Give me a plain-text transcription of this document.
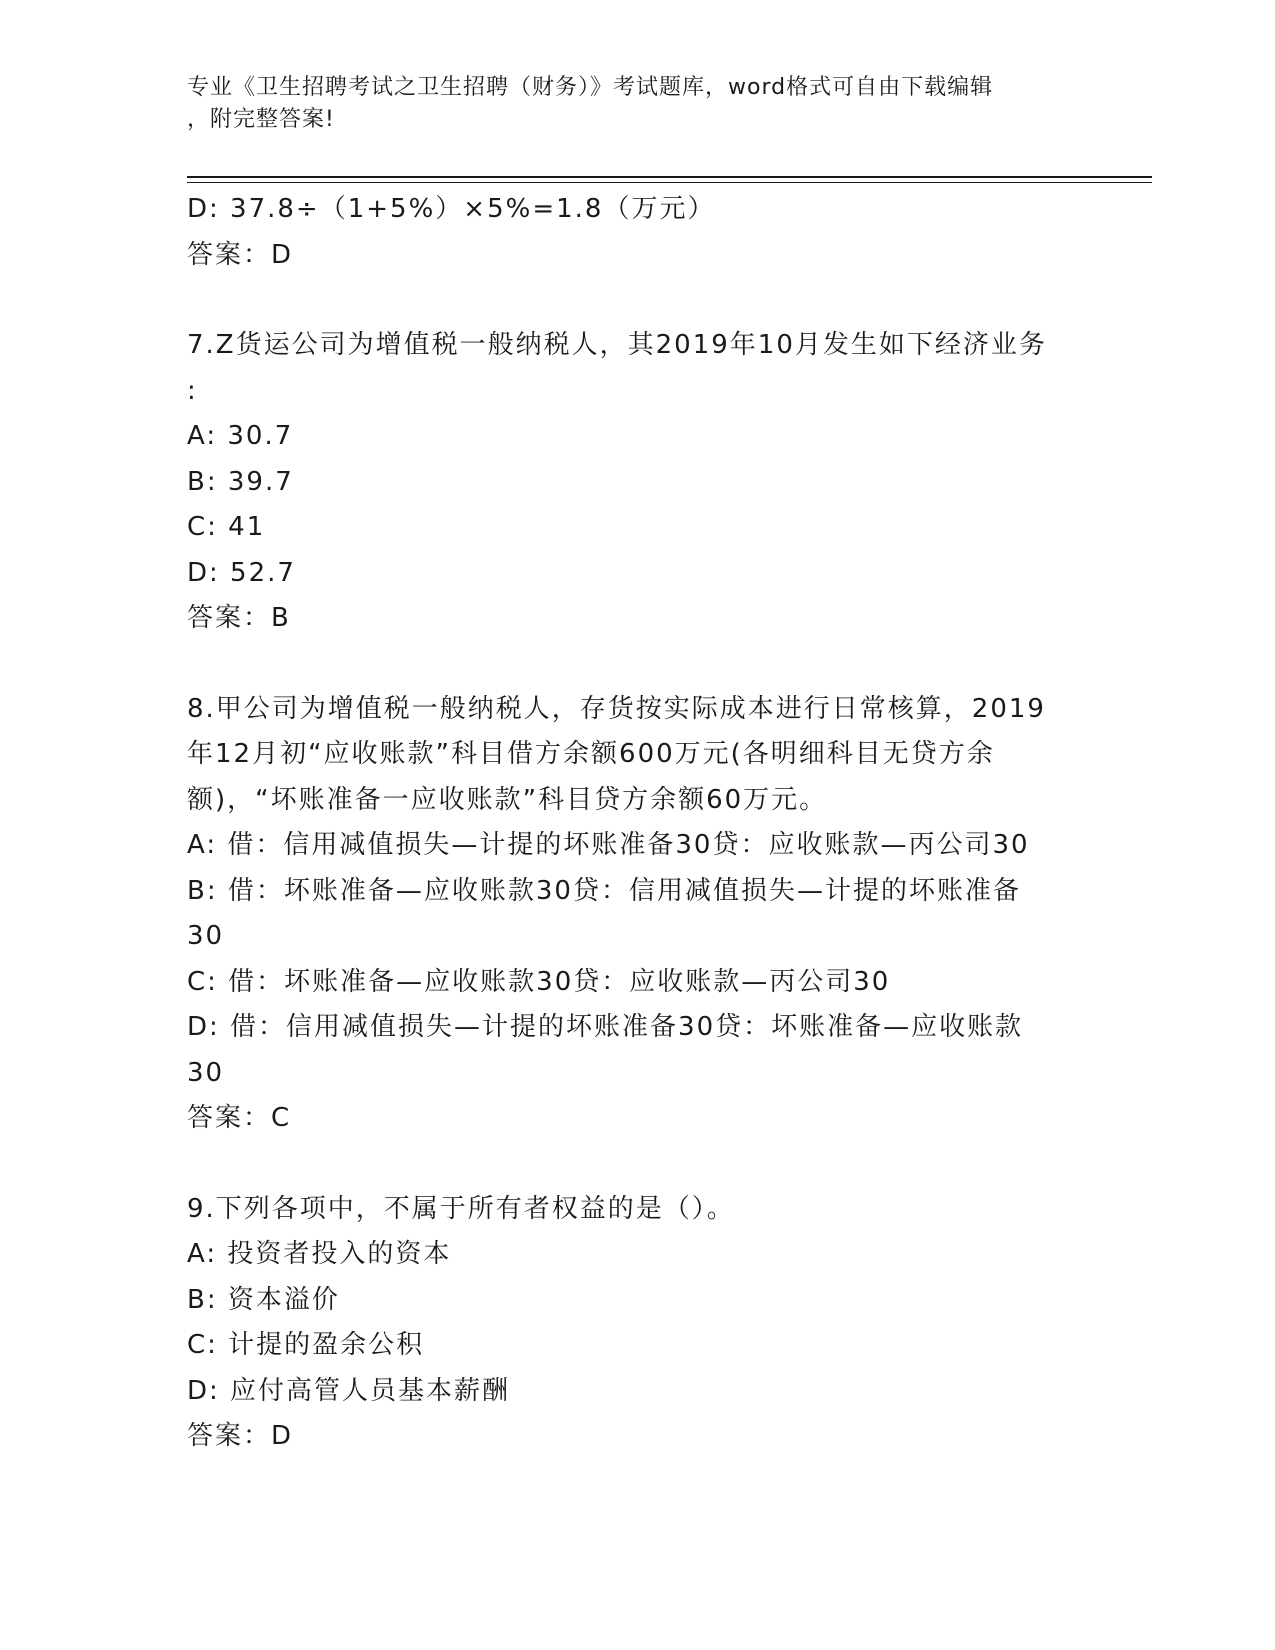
专业《卫生招聘考试之卫生招聘（财务）》考试题库，word格式可自由下载编辑
，附完整答案!
D: 37.8÷（1+5%）×5%=1.8（万元）
答案：D
7.Z货运公司为增值税一般纳税人，其2019年10月发生如下经济业务
:
A: 30.7
B: 39.7
C: 41
D: 52.7
答案：B
8.甲公司为增值税一般纳税人，存货按实际成本进行日常核算，2019
年12月初“应收账款”科目借方余额600万元(各明细科目无贷方余
额)，“坏账准备一应收账款”科目贷方余额60万元。
A: 借：信用减值损失—计提的坏账准备30贷：应收账款—丙公司30
B: 借：坏账准备—应收账款30贷：信用减值损失—计提的坏账准备
30
C: 借：坏账准备—应收账款30贷：应收账款—丙公司30
D: 借：信用减值损失—计提的坏账准备30贷：坏账准备—应收账款
30
答案：C
9.下列各项中，不属于所有者权益的是（）。
A: 投资者投入的资本
B: 资本溢价
C: 计提的盈余公积
D: 应付高管人员基本薪酬
答案：D
